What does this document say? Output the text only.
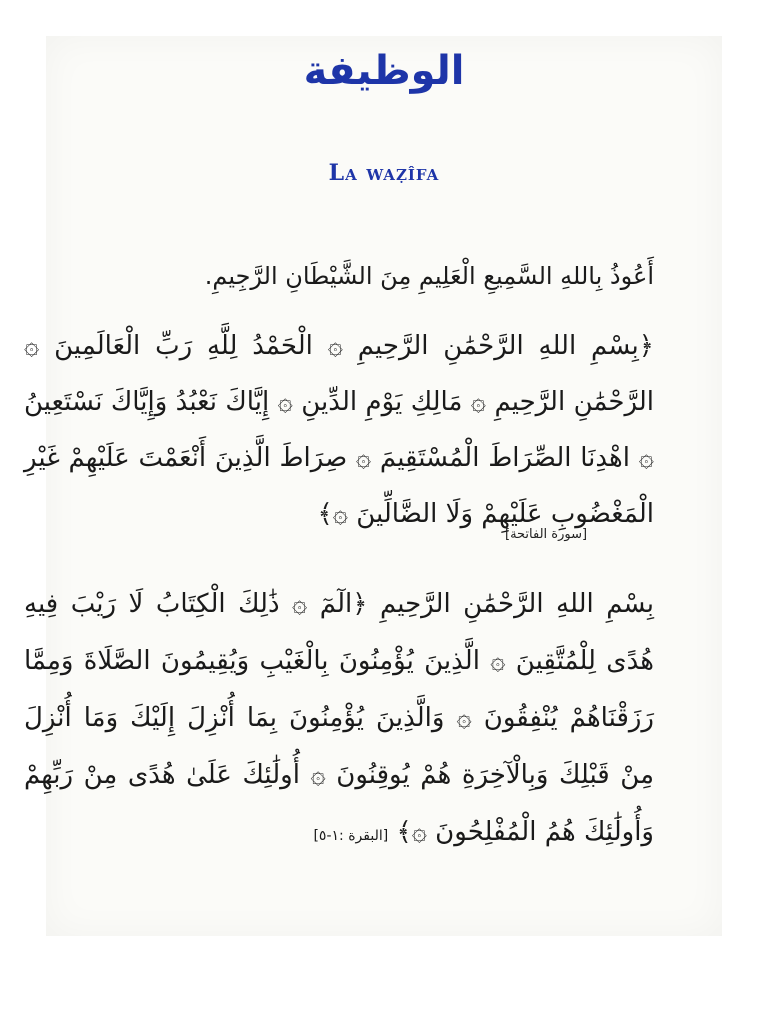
الوظيفة
La waẓîfa
أَعُوذُ بِاللهِ السَّمِيعِ الْعَلِيمِ مِنَ الشَّيْطَانِ الرَّجِيمِ.
﴿بِسْمِ اللهِ الرَّحْمَٰنِ الرَّحِيمِ ۞ الْحَمْدُ لِلَّهِ رَبِّ الْعَالَمِينَ ۞ الرَّحْمَٰنِ الرَّحِيمِ ۞ مَالِكِ يَوْمِ الدِّينِ ۞ إِيَّاكَ نَعْبُدُ وَإِيَّاكَ نَسْتَعِينُ ۞ اهْدِنَا الصِّرَاطَ الْمُسْتَقِيمَ ۞ صِرَاطَ الَّذِينَ أَنْعَمْتَ عَلَيْهِمْ غَيْرِ الْمَغْضُوبِ عَلَيْهِمْ وَلَا الضَّالِّينَ ۞﴾
[سورة الفاتحة]
بِسْمِ اللهِ الرَّحْمَٰنِ الرَّحِيمِ ﴿الٓمٓ ۞ ذَٰلِكَ الْكِتَابُ لَا رَيْبَ فِيهِ هُدًى لِلْمُتَّقِينَ ۞ الَّذِينَ يُؤْمِنُونَ بِالْغَيْبِ وَيُقِيمُونَ الصَّلَاةَ وَمِمَّا رَزَقْنَاهُمْ يُنْفِقُونَ ۞ وَالَّذِينَ يُؤْمِنُونَ بِمَا أُنْزِلَ إِلَيْكَ وَمَا أُنْزِلَ مِنْ قَبْلِكَ وَبِالْآخِرَةِ هُمْ يُوقِنُونَ ۞ أُولَٰئِكَ عَلَىٰ هُدًى مِنْ رَبِّهِمْ وَأُولَٰئِكَ هُمُ الْمُفْلِحُونَ ۞﴾ [البقرة :١-٥]
